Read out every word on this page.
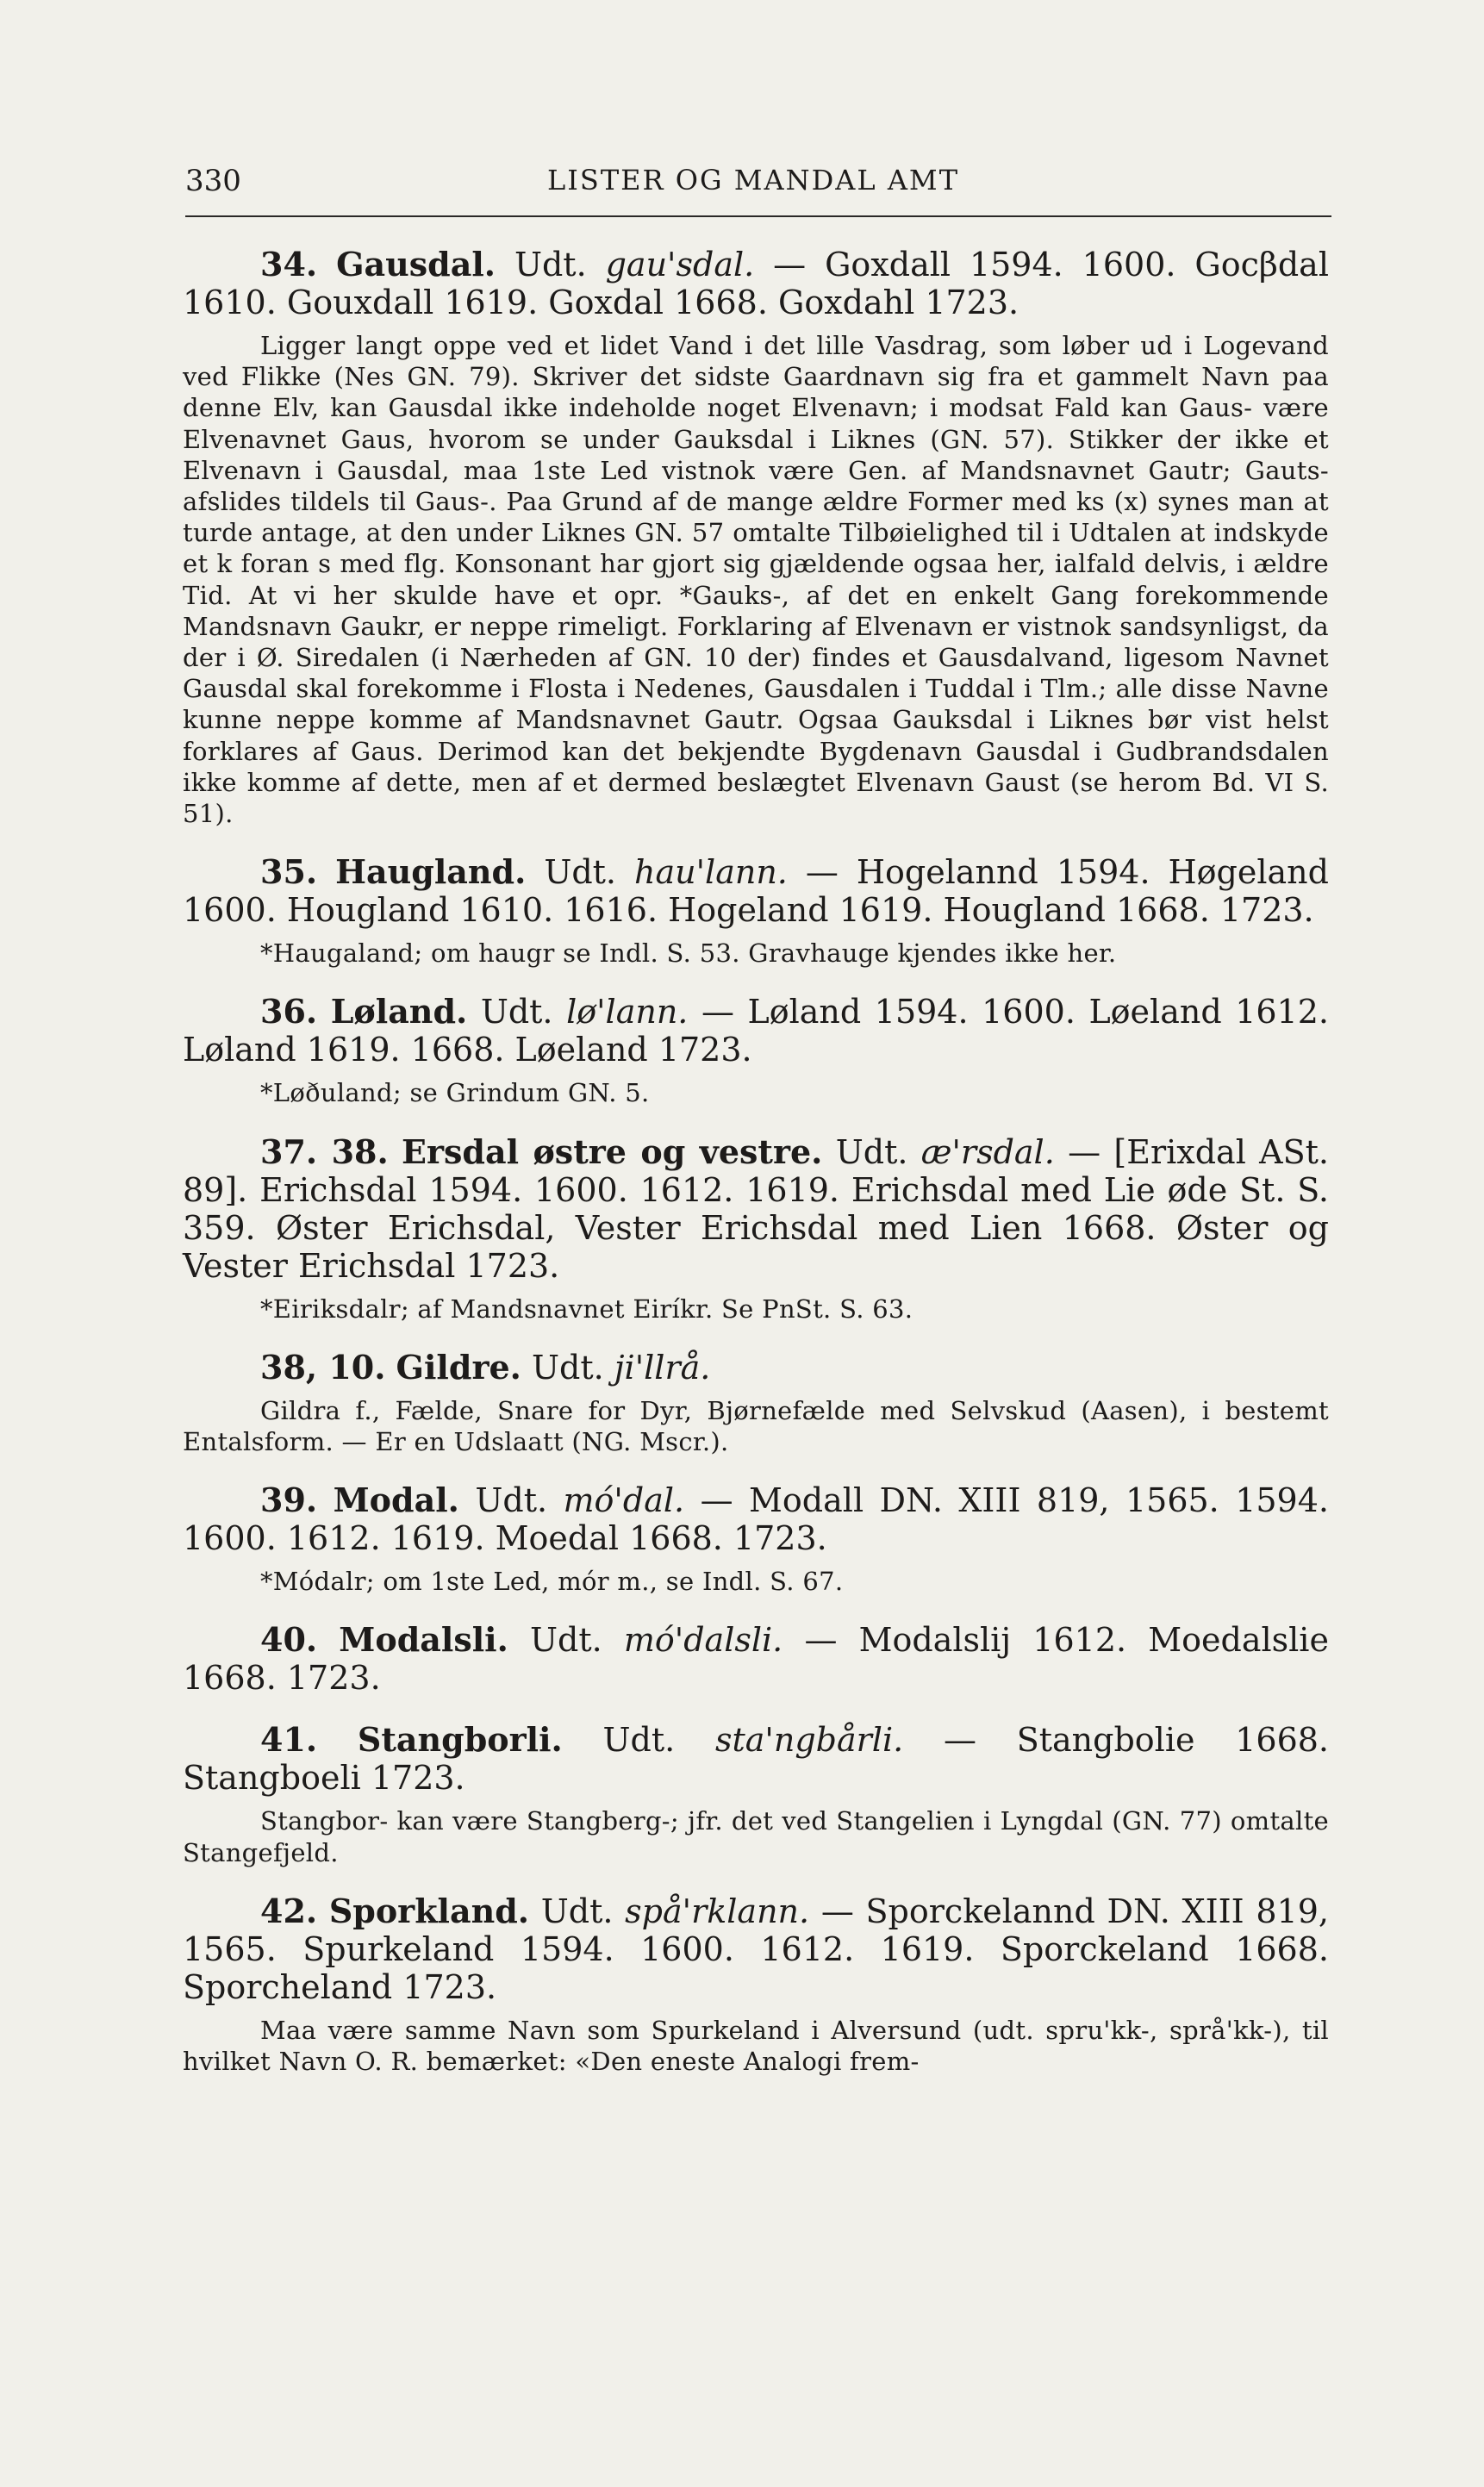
330	LISTER OG MANDAL AMT

34. Gausdal. Udt. gau'sdal. — Goxdall 1594. 1600. Gocβdal 1610. Gouxdall 1619. Goxdal 1668. Goxdahl 1723.

Ligger langt oppe ved et lidet Vand i det lille Vasdrag, som løber ud i Logevand ved Flikke (Nes GN. 79). Skriver det sidste Gaardnavn sig fra et gammelt Navn paa denne Elv, kan Gausdal ikke indeholde noget Elvenavn; i modsat Fald kan Gaus- være Elvenavnet Gaus, hvorom se under Gauksdal i Liknes (GN. 57). Stikker der ikke et Elvenavn i Gausdal, maa 1ste Led vistnok være Gen. af Mandsnavnet Gautr; Gauts- afslides tildels til Gaus-. Paa Grund af de mange ældre Former med ks (x) synes man at turde antage, at den under Liknes GN. 57 omtalte Tilbøielighed til i Udtalen at indskyde et k foran s med flg. Konsonant har gjort sig gjældende ogsaa her, ialfald delvis, i ældre Tid. At vi her skulde have et opr. *Gauks-, af det en enkelt Gang forekommende Mandsnavn Gaukr, er neppe rimeligt. Forklaring af Elvenavn er vistnok sandsynligst, da der i Ø. Siredalen (i Nærheden af GN. 10 der) findes et Gausdalvand, ligesom Navnet Gausdal skal forekomme i Flosta i Nedenes, Gausdalen i Tuddal i Tlm.; alle disse Navne kunne neppe komme af Mandsnavnet Gautr. Ogsaa Gauksdal i Liknes bør vist helst forklares af Gaus. Derimod kan det bekjendte Bygdenavn Gausdal i Gudbrandsdalen ikke komme af dette, men af et dermed beslægtet Elvenavn Gaust (se herom Bd. VI S. 51).

35. Haugland. Udt. hau'lann. — Hogelannd 1594. Høgeland 1600. Hougland 1610. 1616. Hogeland 1619. Hougland 1668. 1723.

*Haugaland; om haugr se Indl. S. 53. Gravhauge kjendes ikke her.

36. Løland. Udt. lø'lann. — Løland 1594. 1600. Løeland 1612. Løland 1619. 1668. Løeland 1723.

*Løðuland; se Grindum GN. 5.

37. 38. Ersdal østre og vestre. Udt. æ'rsdal. — [Erixdal ASt. 89]. Erichsdal 1594. 1600. 1612. 1619. Erichsdal med Lie øde St. S. 359. Øster Erichsdal, Vester Erichsdal med Lien 1668. Øster og Vester Erichsdal 1723.

*Eiriksdalr; af Mandsnavnet Eiríkr. Se PnSt. S. 63.

38, 10. Gildre. Udt. ji'llrå.

Gildra f., Fælde, Snare for Dyr, Bjørnefælde med Selvskud (Aasen), i bestemt Entalsform. — Er en Udslaatt (NG. Mscr.).

39. Modal. Udt. mó'dal. — Modall DN. XIII 819, 1565. 1594. 1600. 1612. 1619. Moedal 1668. 1723.

*Módalr; om 1ste Led, mór m., se Indl. S. 67.

40. Modalsli. Udt. mó'dalsli. — Modalslij 1612. Moedalslie 1668. 1723.

41. Stangborli. Udt. sta'ngbårli. — Stangbolie 1668. Stangboeli 1723.

Stangbor- kan være Stangberg-; jfr. det ved Stangelien i Lyngdal (GN. 77) omtalte Stangefjeld.

42. Sporkland. Udt. spå'rklann. — Sporckelannd DN. XIII 819, 1565. Spurkeland 1594. 1600. 1612. 1619. Sporckeland 1668. Sporcheland 1723.

Maa være samme Navn som Spurkeland i Alversund (udt. spru'kk-, språ'kk-), til hvilket Navn O. R. bemærket: «Den eneste Analogi frem-
